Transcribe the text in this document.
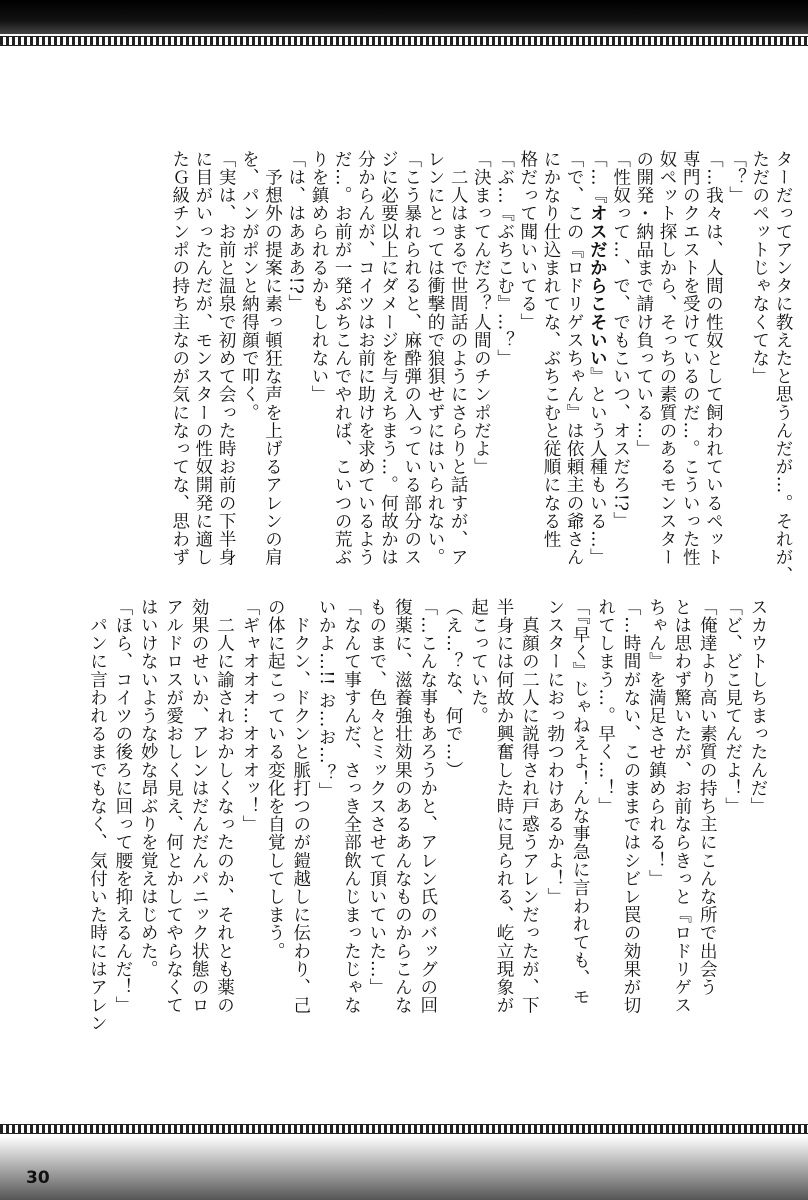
ターだってアンタに教えたと思うんだが…。それが、
ただのペットじゃなくてな」
「？」
「…我々は、人間の性奴として飼われているペット
専門のクエストを受けているのだ…。こういった性
奴ペット探しから、そっちの素質のあるモンスター
の開発・納品まで請け負っている…」
「性奴って…、で、でもこいつ、オスだろ!?」
「…『オスだからこそいい』という人種もいる…」
「で、この『ロドリゲスちゃん』は依頼主の爺さん
にかなり仕込まれてな、ぶちこむと従順になる性
格だって聞いいてる」
「ぶ…『ぶちこむ』…？」
「決まってんだろ？人間のチンポだよ」
　二人はまるで世間話のようにさらりと話すが、ア
レンにとっては衝撃的で狼狽せずにはいられない。
「こう暴れられると、麻酔弾の入っている部分のス
ジに必要以上にダメージを与えちまう…。何故かは
分からんが、コイツはお前に助けを求めているよう
だ…。お前が一発ぶちこんでやれば、こいつの荒ぶ
りを鎮められるかもしれない」
「は、はあああ!?」
　予想外の提案に素っ頓狂な声を上げるアレンの肩
を、パンがポンと納得顔で叩く。
「実は、お前と温泉で初めて会った時お前の下半身
に目がいったんだが、モンスターの性奴開発に適し
たＧ級チンポの持ち主なのが気になってな、思わず
スカウトしちまったんだ」
「ど、どこ見てんだよ！」
「俺達より高い素質の持ち主にこんな所で出会う
とは思わず驚いたが、お前ならきっと『ロドリゲス
ちゃん』を満足させ鎮められる！」
「…時間がない、このままではシビレ罠の効果が切
れてしまう…。早く…！」
「『早く』じゃねえよ！んな事急に言われても、モ
ンスターにおっ勃つわけあるかよ！」
　真顔の二人に説得され戸惑うアレンだったが、下
半身には何故か興奮した時に見られる、屹立現象が
起こっていた。
（え…？な、何で…）
「…こんな事もあろうかと、アレン氏のバッグの回
復薬に、滋養強壮効果のあるあんなものからこんな
ものまで、色々とミックスさせて頂いていた…」
「なんて事すんだ、さっき全部飲んじまったじゃな
いかよ…!! お…お…？」
　ドクン、ドクンと脈打つのが鎧越しに伝わり、己
の体に起こっている変化を自覚してしまう。
「ギャオオオ…オオオッ！」
　二人に諭されおかしくなったのか、それとも薬の
効果のせいか、アレンはだんだんパニック状態のロ
アルドロスが愛おしく見え、何とかしてやらなくて
はいけないような妙な昂ぶりを覚えはじめた。
「ほら、コイツの後ろに回って腰を抑えるんだ！」
　パンに言われるまでもなく、気付いた時にはアレン
30
